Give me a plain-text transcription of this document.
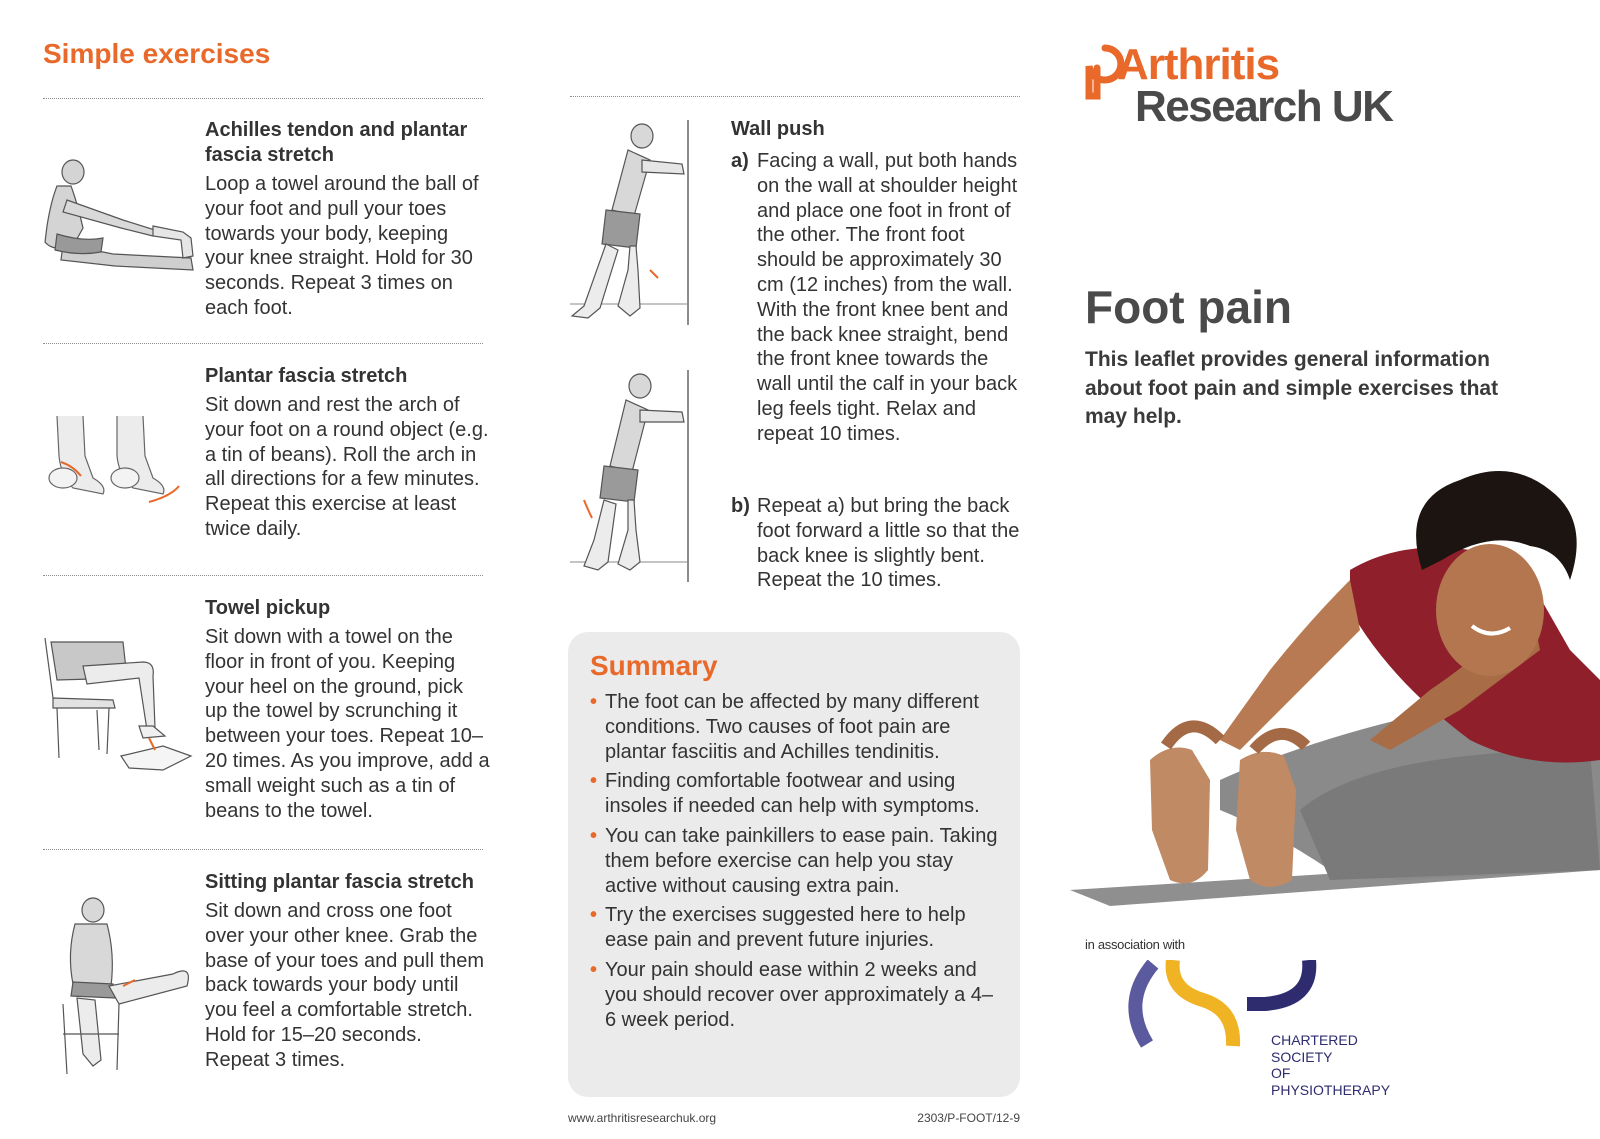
Simple exercises
Achilles tendon and plantar fascia stretch
Loop a towel around the ball of your foot and pull your toes towards your body, keeping your knee straight. Hold for 30 seconds. Repeat 3 times on each foot.
Plantar fascia stretch
Sit down and rest the arch of your foot on a round object (e.g. a tin of beans). Roll the arch in all directions for a few minutes. Repeat this exercise at least twice daily.
Towel pickup
Sit down with a towel on the floor in front of you. Keeping your heel on the ground, pick up the towel by scrunching it between your toes. Repeat 10–20 times. As you improve, add a small weight such as a tin of beans to the towel.
Sitting plantar fascia stretch
Sit down and cross one foot over your other knee. Grab the base of your toes and pull them back towards your body until you feel a comfortable stretch. Hold for 15–20 seconds. Repeat 3 times.
Wall push
a) Facing a wall, put both hands on the wall at shoulder height and place one foot in front of the other. The front foot should be approximately 30 cm (12 inches) from the wall. With the front knee bent and the back knee straight, bend the front knee towards the wall until the calf in your back leg feels tight. Relax and repeat 10 times.
b) Repeat a) but bring the back foot forward a little so that the back knee is slightly bent. Repeat the 10 times.
Summary
• The foot can be affected by many different conditions. Two causes of foot pain are plantar fasciitis and Achilles tendinitis.
• Finding comfortable footwear and using insoles if needed can help with symptoms.
• You can take painkillers to ease pain. Taking them before exercise can help you stay active without causing extra pain.
• Try the exercises suggested here to help ease pain and prevent future injuries.
• Your pain should ease within 2 weeks and you should recover over approximately a 4–6 week period.
www.arthritisresearchuk.org	2303/P-FOOT/12-9
Arthritis
Research UK
Foot pain
This leaflet provides general information about foot pain and simple exercises that may help.
in association with
CHARTERED
SOCIETY
OF
PHYSIOTHERAPY
